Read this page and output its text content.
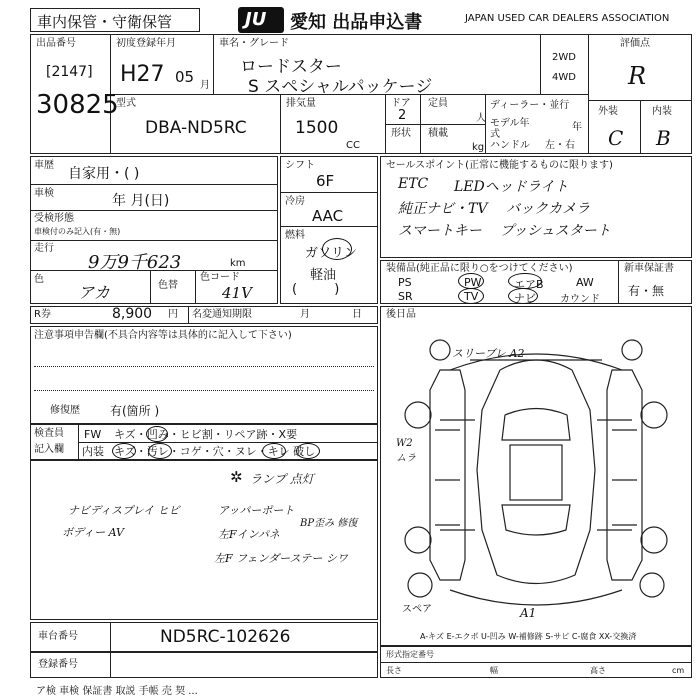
車内保管・守衛保管	JU 愛知 出品申込書	JAPAN USED CAR DEALERS ASSOCIATION
出品番号
[2147]
30825
初度登録年月
H27 05 月
車名・グレード
ロードスター
S スペシャルパッケージ
2WD
4WD
評価点
R
外装	内装
C B
型式
DBA-ND5RC
排気量
1500
CC
ドア
2
定員
人
形状 積載
kg
ディーラー・並行
モデル年式
年
ハンドル 左・右
車歴
自家用・( )
車検	年 月(日)
受検形態
車検付のみ記入(有・無)
走行
9万9千623	km
色
アカ	色替
色コード
41V
シフト
6F
冷房
AAC
燃料
ガソリン
軽油
(         )
セールスポイント(正常に機能するものに限ります)
ETC LEDヘッドライト
純正ナビ・TV バックカメラ
スマートキー プッシュスタート
装備品(純正品に限り○をつけてください)
PS	PW	エアB	AW
SR	TV	ナビ カウンド
新車保証書
有・無
R券	8,900 円 名変通知期限	月	日
注意事項申告欄(不具合内容等は具体的に記入して下さい)
修復歴	有(箇所 )
検査員
記入欄
FW キズ・凹み・ヒビ割・リペア跡・X要
内装 キズ・汚レ・コゲ・穴・ヌレ・キレ 破し
✲ ランプ 点灯
ナビディスプレイ ヒビ
ボディー AV
アッパーポート
左Fインパネ
BP歪み 修復
左F フェンダーステー シワ
後日品
スリーブレ A2
W2 ムラ
スペア	A1
A-キズ E-エクボ U-凹み W-補修跡 S-サビ C-腐食 XX-交換済
車台番号	ND5RC-102626
登録番号
形式指定番号
長さ	幅	高さ	cm
ア検 車検 保証書 取説 手帳 売 契 ...
